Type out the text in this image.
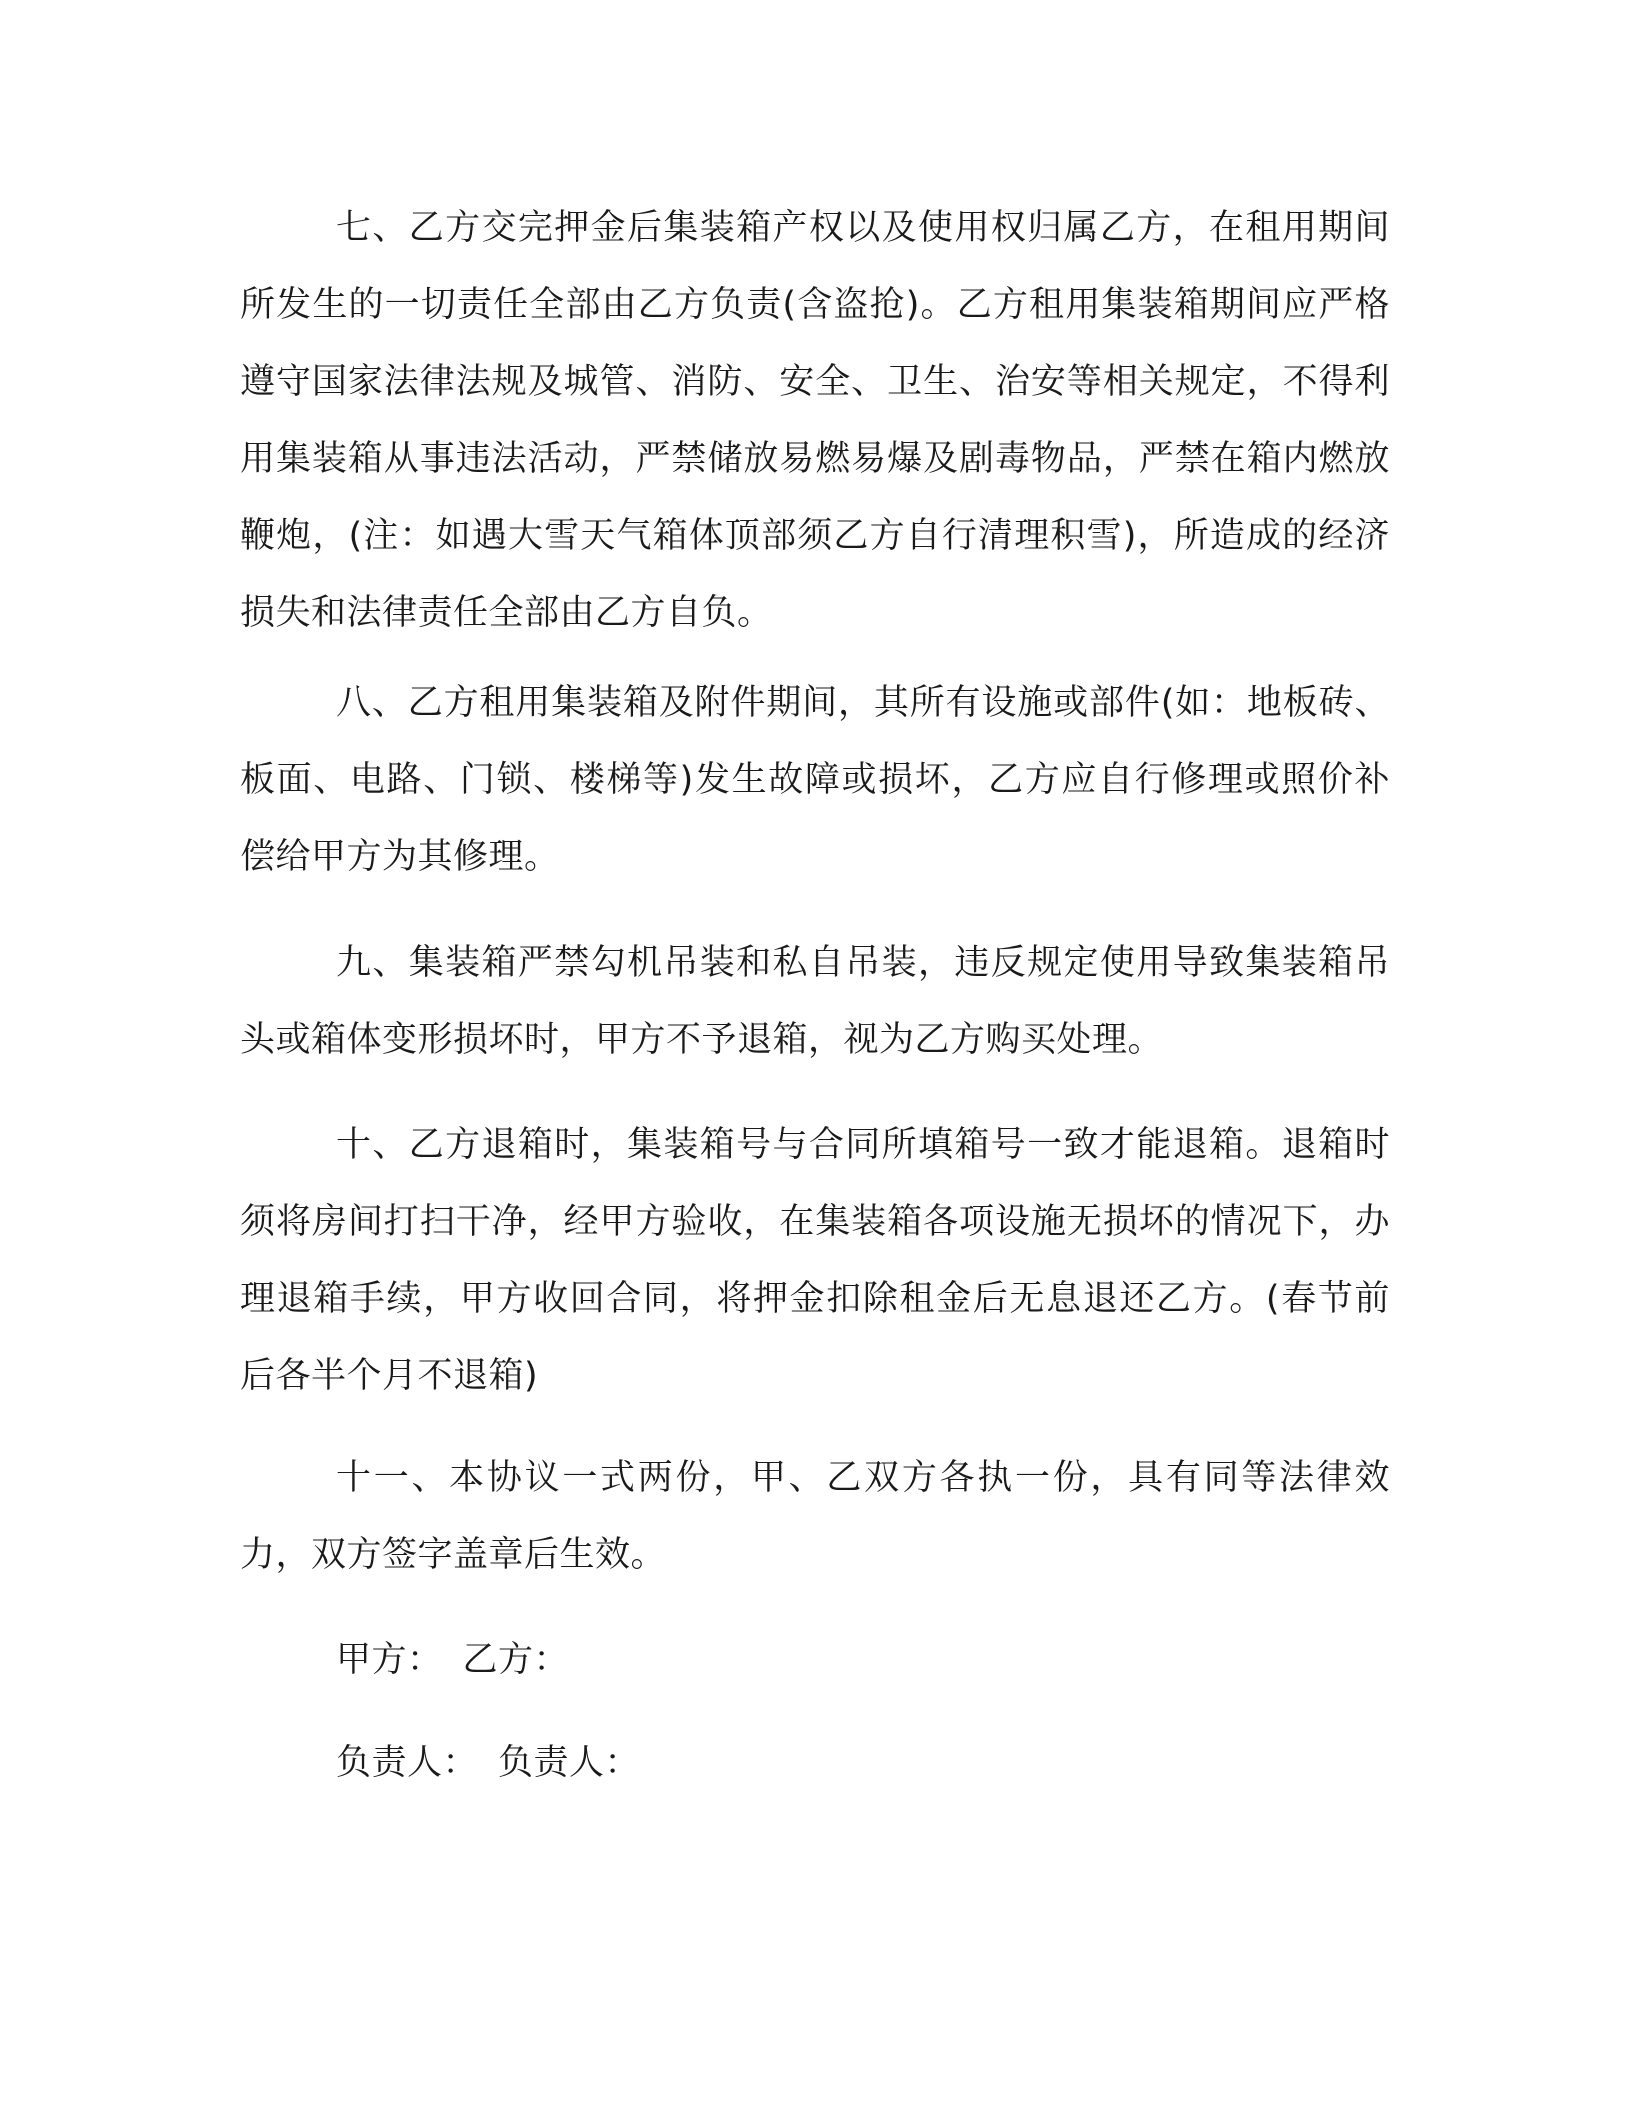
七、乙方交完押金后集装箱产权以及使用权归属乙方，在租用期间所发生的一切责任全部由乙方负责(含盗抢)。乙方租用集装箱期间应严格遵守国家法律法规及城管、消防、安全、卫生、治安等相关规定，不得利用集装箱从事违法活动，严禁储放易燃易爆及剧毒物品，严禁在箱内燃放鞭炮，(注：如遇大雪天气箱体顶部须乙方自行清理积雪)，所造成的经济损失和法律责任全部由乙方自负。

八、乙方租用集装箱及附件期间，其所有设施或部件(如：地板砖、板面、电路、门锁、楼梯等)发生故障或损坏，乙方应自行修理或照价补偿给甲方为其修理。

九、集装箱严禁勾机吊装和私自吊装，违反规定使用导致集装箱吊头或箱体变形损坏时，甲方不予退箱，视为乙方购买处理。

十、乙方退箱时，集装箱号与合同所填箱号一致才能退箱。退箱时须将房间打扫干净，经甲方验收，在集装箱各项设施无损坏的情况下，办理退箱手续，甲方收回合同，将押金扣除租金后无息退还乙方。(春节前后各半个月不退箱)

十一、本协议一式两份，甲、乙双方各执一份，具有同等法律效力，双方签字盖章后生效。

甲方： 乙方：

负责人： 负责人：
